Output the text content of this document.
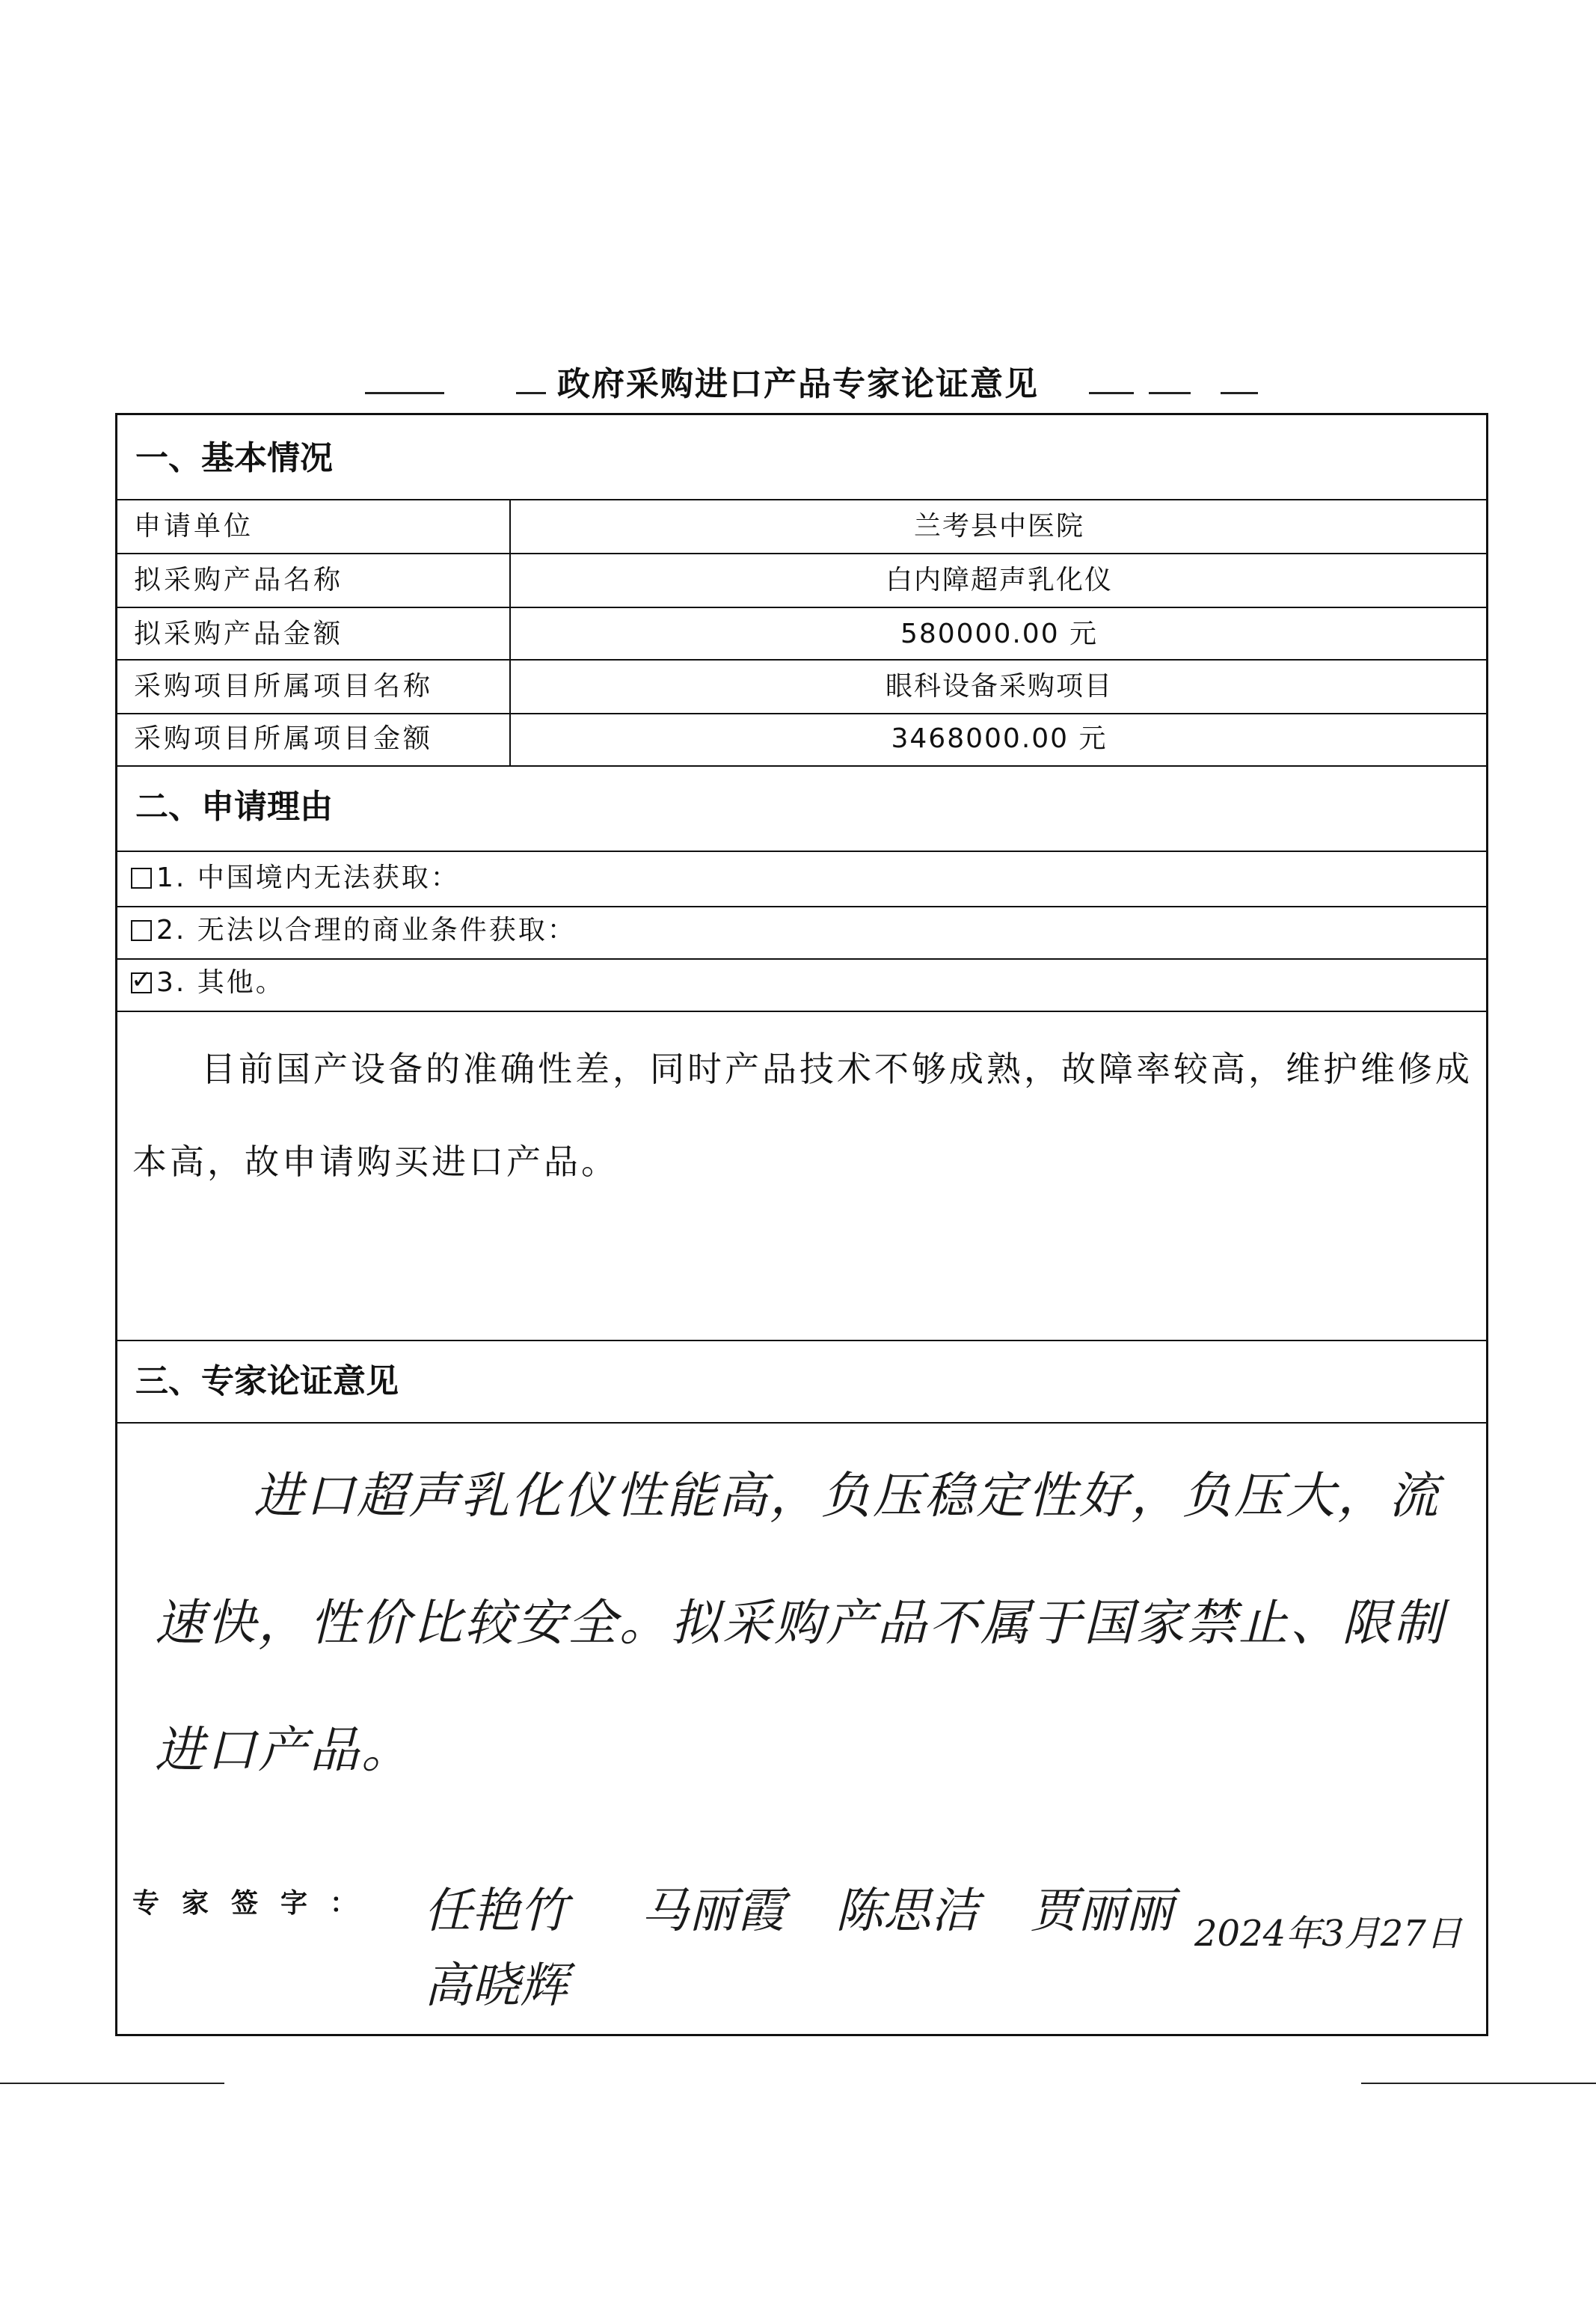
政府采购进口产品专家论证意见
一、基本情况
申请单位	兰考县中医院
拟采购产品名称	白内障超声乳化仪
拟采购产品金额	580000.00 元
采购项目所属项目名称	眼科设备采购项目
采购项目所属项目金额	3468000.00 元
二、申请理由
1. 中国境内无法获取：
2. 无法以合理的商业条件获取：
✓ 3. 其他。
目前国产设备的准确性差，同时产品技术不够成熟，故障率较高，维护维修成本高，故申请购买进口产品。
三、专家论证意见
进口超声乳化仪性能高，负压稳定性好，负压大，流速快，性价比较安全。拟采购产品不属于国家禁止、限制进口产品。
专家签字： 任艳竹 马丽霞 陈思洁 贾丽丽
高晓辉
2024年3月27日
